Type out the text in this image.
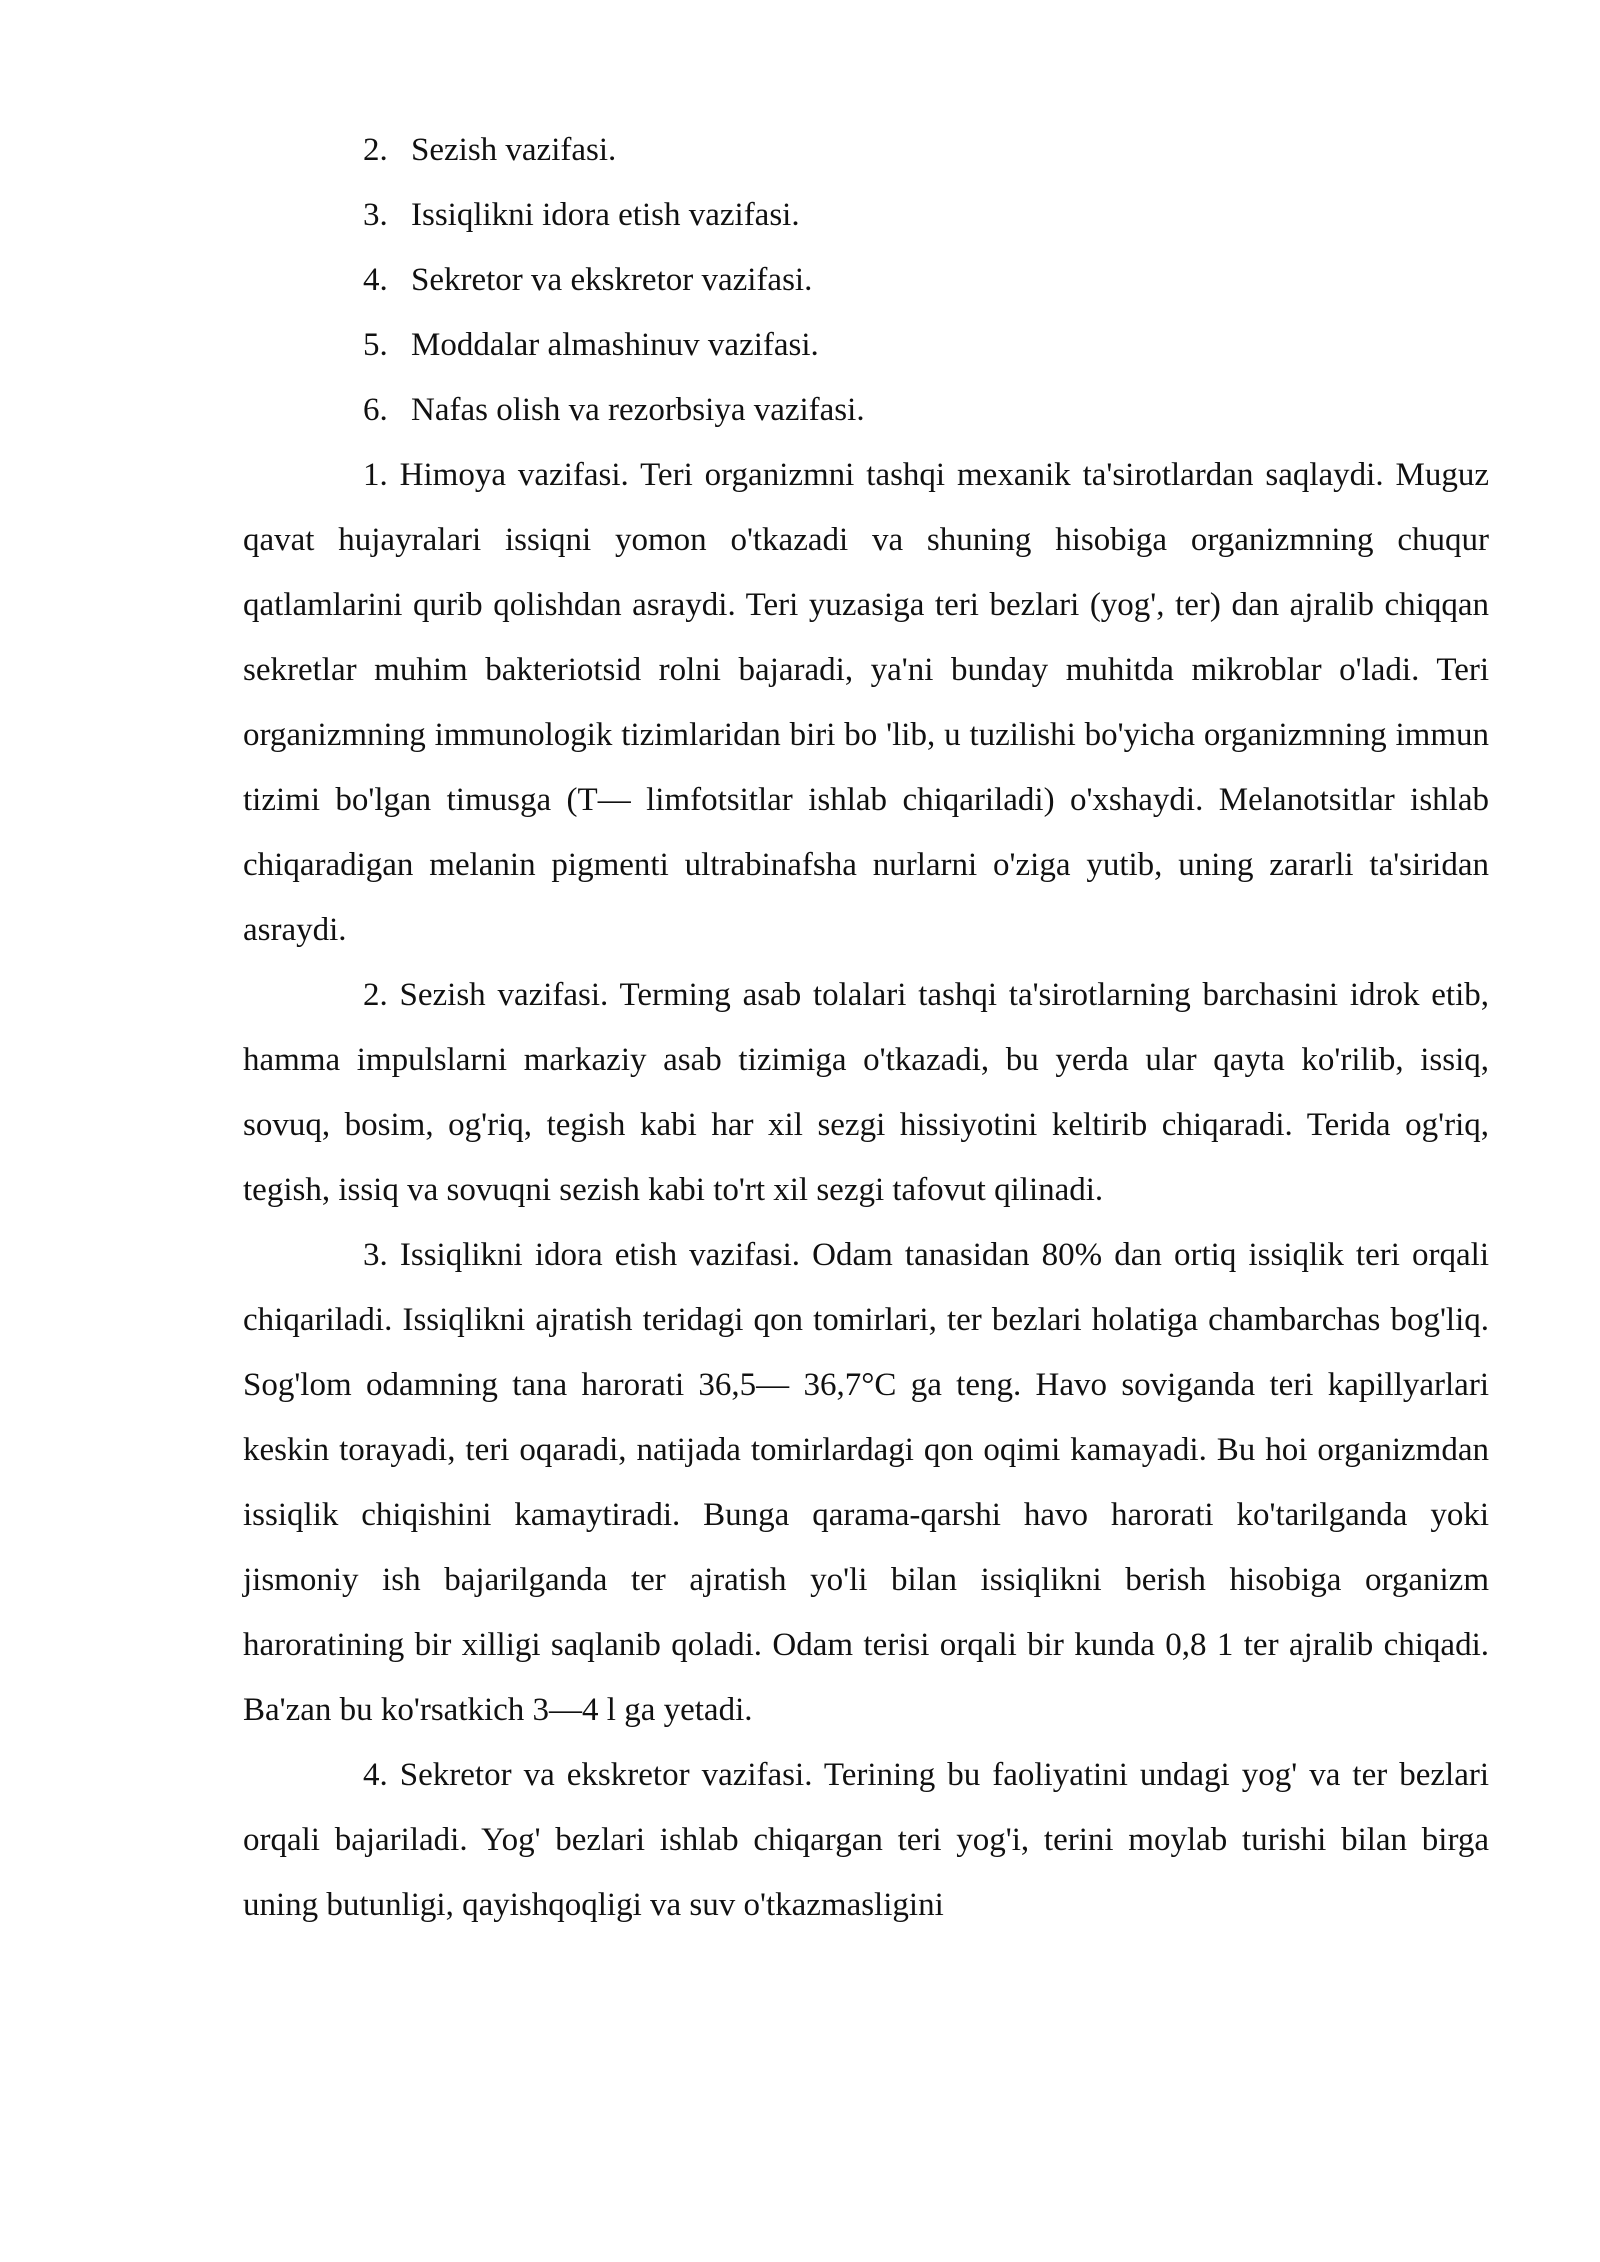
2. Sezish vazifasi.
3. Issiqlikni idora etish vazifasi.
4. Sekretor va ekskretor vazifasi.
5. Moddalar almashinuv vazifasi.
6. Nafas olish va rezorbsiya vazifasi.

1. Himoya vazifasi. Teri organizmni tashqi mexanik ta'sirotlardan saqlaydi. Muguz qavat hujayralari issiqni yomon o'tkazadi va shuning hisobiga organizmning chuqur qatlamlarini qurib qolishdan asraydi. Teri yuzasiga teri bezlari (yog', ter) dan ajralib chiqqan sekretlar muhim bakteriotsid rolni bajaradi, ya'ni bunday muhitda mikroblar o'ladi. Teri organizmning immunologik tizimlaridan biri bo 'lib, u tuzilishi bo'yicha organizmning immun tizimi bo'lgan timusga (T— limfotsitlar ishlab chiqariladi) o'xshaydi. Melanotsitlar ishlab chiqaradigan melanin pigmenti ultrabinafsha nurlarni o'ziga yutib, uning zararli ta'siridan asraydi.

2. Sezish vazifasi. Terming asab tolalari tashqi ta'sirotlarning barchasini idrok etib, hamma impulslarni markaziy asab tizimiga o'tkazadi, bu yerda ular qayta ko'rilib, issiq, sovuq, bosim, og'riq, tegish kabi har xil sezgi hissiyotini keltirib chiqaradi. Terida og'riq, tegish, issiq va sovuqni sezish kabi to'rt xil sezgi tafovut qilinadi.

3. Issiqlikni idora etish vazifasi. Odam tanasidan 80% dan ortiq issiqlik teri orqali chiqariladi. Issiqlikni ajratish teridagi qon tomirlari, ter bezlari holatiga chambarchas bog'liq. Sog'lom odamning tana harorati 36,5— 36,7°C ga teng. Havo soviganda teri kapillyarlari keskin torayadi, teri oqaradi, natijada tomirlardagi qon oqimi kamayadi. Bu hoi organizmdan issiqlik chiqishini kamaytiradi. Bunga qarama-qarshi havo harorati ko'tarilganda yoki jismoniy ish bajarilganda ter ajratish yo'li bilan issiqlikni berish hisobiga organizm haroratining bir xilligi saqlanib qoladi. Odam terisi orqali bir kunda 0,8 1 ter ajralib chiqadi. Ba'zan bu ko'rsatkich 3—4 l ga yetadi.

4. Sekretor va ekskretor vazifasi. Terining bu faoliyatini undagi yog' va ter bezlari orqali bajariladi. Yog' bezlari ishlab chiqargan teri yog'i, terini moylab turishi bilan birga uning butunligi, qayishqoqligi va suv o'tkazmasligini
